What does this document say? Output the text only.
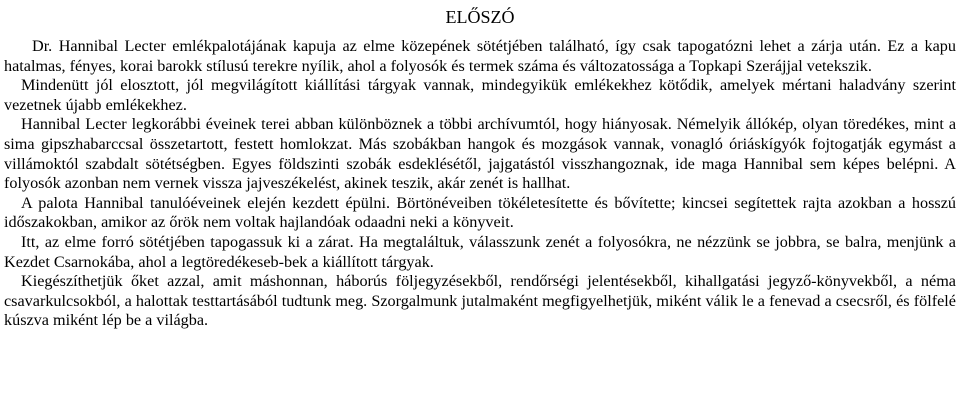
ELŐSZÓ

Dr. Hannibal Lecter emlékpalotájának kapuja az elme közepének sötétjében található, így csak tapogatózni lehet a zárja után. Ez a kapu hatalmas, fényes, korai barokk stílusú terekre nyílik, ahol a folyosók és termek száma és változatossága a Topkapi Szerájjal vetekszik.

Mindenütt jól elosztott, jól megvilágított kiállítási tárgyak vannak, mindegyikük emlékekhez kötődik, amelyek mértani haladvány szerint vezetnek újabb emlékekhez.

Hannibal Lecter legkorábbi éveinek terei abban különböznek a többi archívumtól, hogy hiányosak. Némelyik állókép, olyan töredékes, mint a sima gipszhabarccsal összetartott, festett homlokzat. Más szobákban hangok és mozgások vannak, vonagló óriáskígyók fojtogatják egymást a villámoktól szabdalt sötétségben. Egyes földszinti szobák esdeklésétől, jajgatástól visszhangoznak, ide maga Hannibal sem képes belépni. A folyosók azonban nem vernek vissza jajveszékelést, akinek teszik, akár zenét is hallhat.

A palota Hannibal tanulóéveinek elején kezdett épülni. Börtönéveiben tökéletesítette és bővítette; kincsei segítettek rajta azokban a hosszú időszakokban, amikor az őrök nem voltak hajlandóak odaadni neki a könyveit.

Itt, az elme forró sötétjében tapogassuk ki a zárat. Ha megtaláltuk, válasszunk zenét a folyosókra, ne nézzünk se jobbra, se balra, menjünk a Kezdet Csarnokába, ahol a legtöredékeseb-bek a kiállított tárgyak.

Kiegészíthetjük őket azzal, amit máshonnan, háborús följegyzésekből, rendőrségi jelentésekből, kihallgatási jegyző-könyvekből, a néma csavarkulcsokból, a halottak testtartásából tudtunk meg. Szorgalmunk jutalmaként megfigyelhetjük, miként válik le a fenevad a csecsről, és fölfelé kúszva miként lép be a világba.
